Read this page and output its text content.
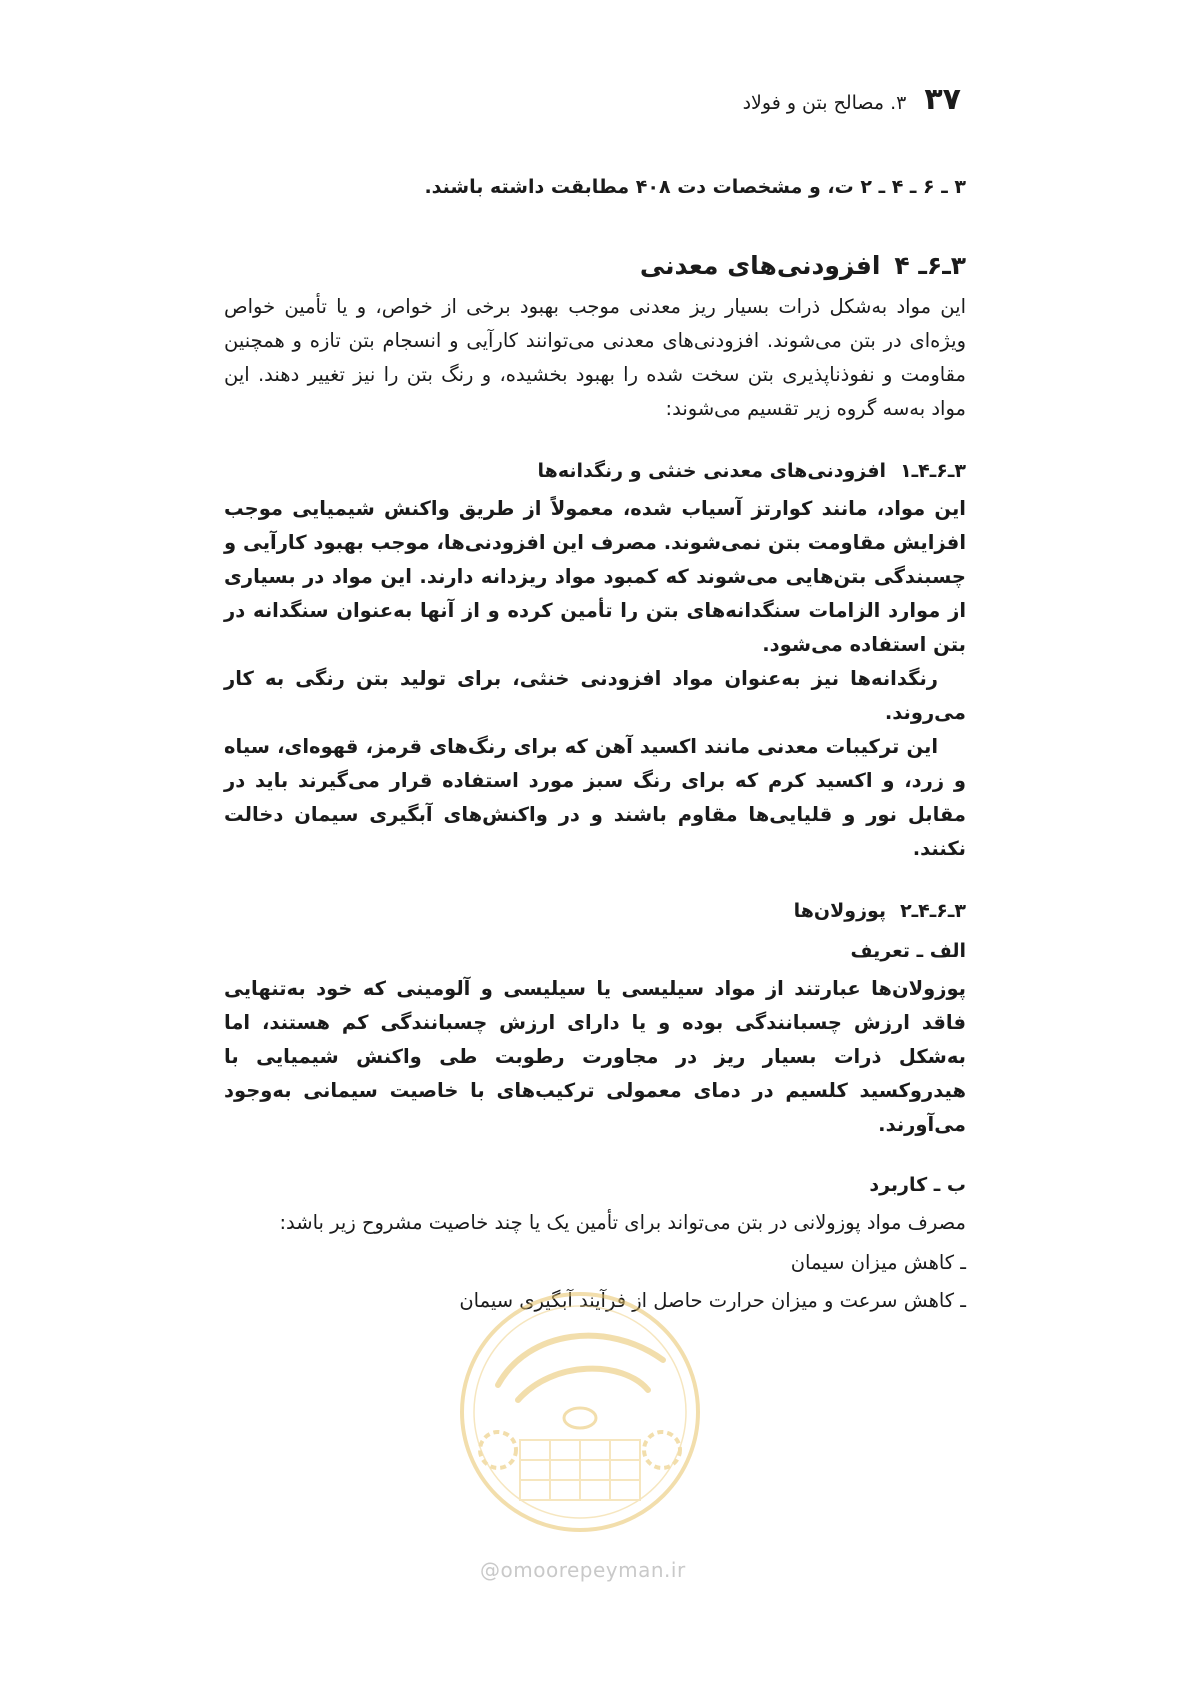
۳۷
۳. مصالح بتن و فولاد
۳ ـ ۶ ـ ۴ ـ ۲ ت، و مشخصات دت ۴۰۸ مطابقت داشته باشند.
۳ـ۶ـ ۴افزودنی‌های معدنی

این مواد به‌شکل ذرات بسیار ریز معدنی موجب بهبود برخی از خواص، و یا تأمین خواص ویژه‌ای در بتن می‌شوند. افزودنی‌های معدنی می‌توانند کارآیی و انسجام بتن تازه و همچنین مقاومت و نفوذناپذیری بتن سخت شده را بهبود بخشیده، و رنگ بتن را نیز تغییر دهند. این مواد به‌سه گروه زیر تقسیم می‌شوند:

۳ـ۶ـ۴ـ۱افزودنی‌های معدنی خنثی و رنگدانه‌ها

این مواد، مانند کوارتز آسیاب شده، معمولاً از طریق واکنش شیمیایی موجب افزایش مقاومت بتن نمی‌شوند. مصرف این افزودنی‌ها، موجب بهبود کارآیی و چسبندگی بتن‌هایی می‌شوند که کمبود مواد ریزدانه دارند. این مواد در بسیاری از موارد الزامات سنگدانه‌های بتن را تأمین کرده و از آنها به‌عنوان سنگدانه در بتن استفاده می‌شود.

رنگدانه‌ها نیز به‌عنوان مواد افزودنی خنثی، برای تولید بتن رنگی به کار می‌روند.

این ترکیبات معدنی مانند اکسید آهن که برای رنگ‌های قرمز، قهوه‌ای، سیاه و زرد، و اکسید کرم که برای رنگ سبز مورد استفاده قرار می‌گیرند باید در مقابل نور و قلیایی‌ها مقاوم باشند و در واکنش‌های آبگیری سیمان دخالت نکنند.

۳ـ۶ـ۴ـ۲پوزولان‌ها
الف ـ تعریف

پوزولان‌ها عبارتند از مواد سیلیسی یا سیلیسی و آلومینی که خود به‌تنهایی فاقد ارزش چسبانندگی بوده و یا دارای ارزش چسبانندگی کم هستند، اما به‌شکل ذرات بسیار ریز در مجاورت رطوبت طی واکنش شیمیایی با هیدروکسید کلسیم در دمای معمولی ترکیب‌های با خاصیت سیمانی به‌وجود می‌آورند.

ب ـ کاربرد

مصرف مواد پوزولانی در بتن می‌تواند برای تأمین یک یا چند خاصیت مشروح زیر باشد:

ـ کاهش میزان سیمان
ـ کاهش سرعت و میزان حرارت حاصل از فرآیند آبگیری سیمان
@omoorepeyman.ir
